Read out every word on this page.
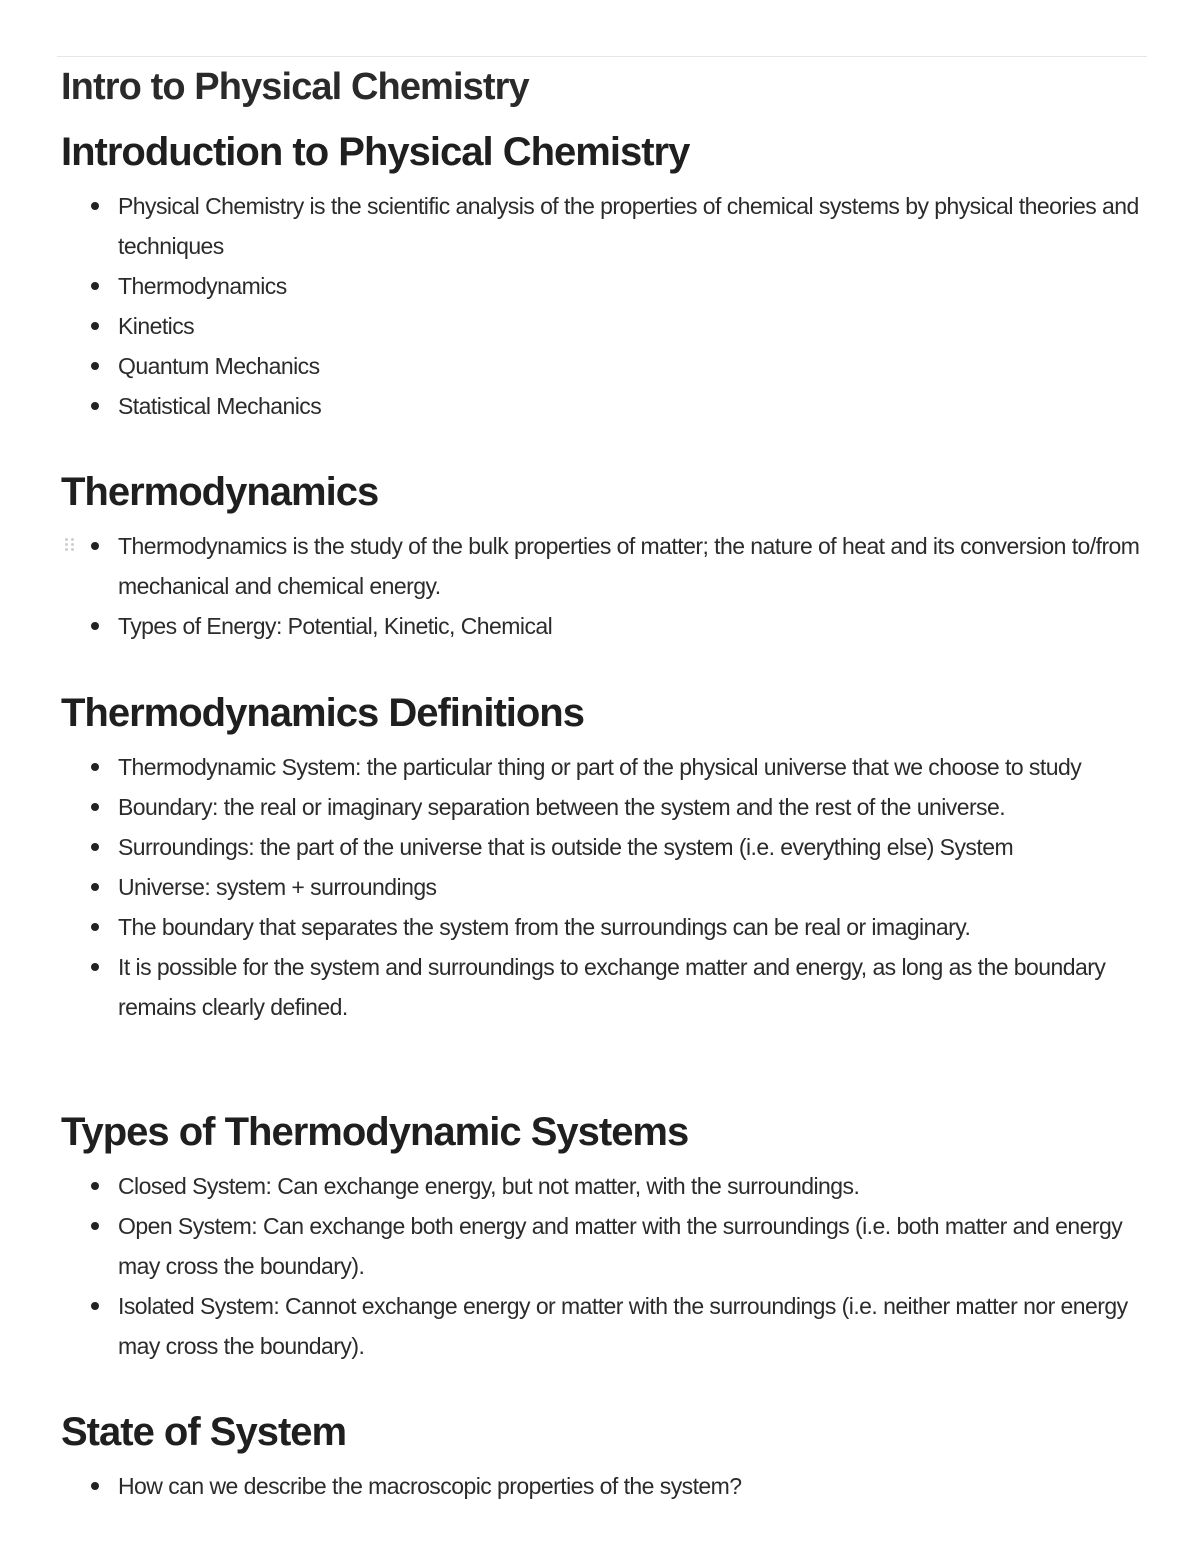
Intro to Physical Chemistry
Introduction to Physical Chemistry
Physical Chemistry is the scientific analysis of the properties of chemical systems by physical theories and techniques
Thermodynamics
Kinetics
Quantum Mechanics
Statistical Mechanics
Thermodynamics
Thermodynamics is the study of the bulk properties of matter; the nature of heat and its conversion to/from mechanical and chemical energy.
Types of Energy: Potential, Kinetic, Chemical
Thermodynamics Definitions
Thermodynamic System: the particular thing or part of the physical universe that we choose to study
Boundary: the real or imaginary separation between the system and the rest of the universe.
Surroundings: the part of the universe that is outside the system (i.e. everything else) System
Universe: system + surroundings
The boundary that separates the system from the surroundings can be real or imaginary.
It is possible for the system and surroundings to exchange matter and energy, as long as the boundary remains clearly defined.
Types of Thermodynamic Systems
Closed System: Can exchange energy, but not matter, with the surroundings.
Open System: Can exchange both energy and matter with the surroundings (i.e. both matter and energy may cross the boundary).
Isolated System: Cannot exchange energy or matter with the surroundings (i.e. neither matter nor energy may cross the boundary).
State of System
How can we describe the macroscopic properties of the system?
